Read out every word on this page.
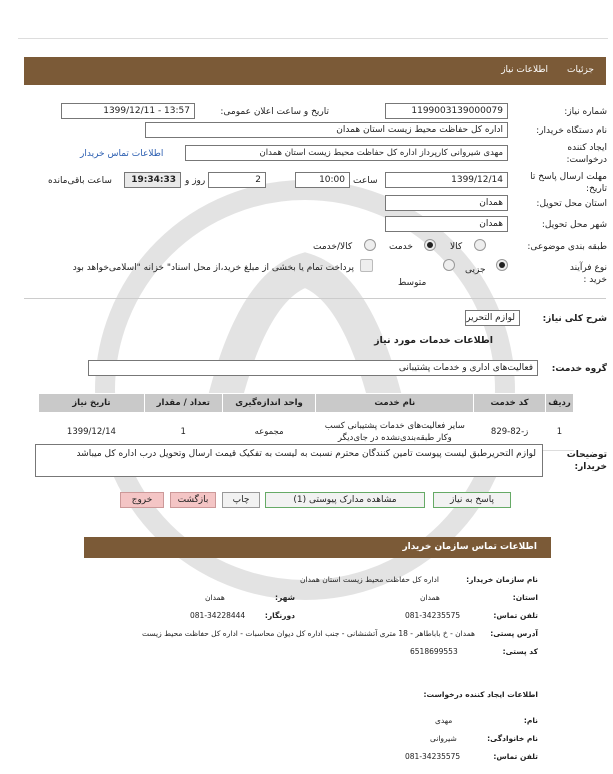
جزئیات
اطلاعات نیاز
شماره نیاز:
1199003139000079
تاریخ و ساعت اعلان عمومی:
1399/12/11 - 13:57
نام دستگاه خریدار:
اداره کل حفاظت محیط زیست استان همدان
ایجاد کننده درخواست:
مهدی شیروانی کارپرداز اداره کل حفاظت محیط زیست استان همدان
اطلاعات تماس خریدار
مهلت ارسال پاسخ تا تاریخ:
1399/12/14
ساعت
10:00
2
روز و
19:34:33
ساعت باقی‌مانده
استان محل تحویل:
همدان
شهر محل تحویل:
همدان
طبقه بندی موضوعی:
کالا
خدمت
کالا/خدمت
نوع فرآیند خرید :
جزیی
متوسط
پرداخت تمام یا بخشی از مبلغ خرید،از محل اسناد" خزانه "اسلامی‌خواهد بود
شرح کلی نیاز:
لوازم التحریر
اطلاعات خدمات مورد نیاز
گروه خدمت:
فعالیت‌های اداری و خدمات پشتیبانی
ردیف	کد خدمت	نام خدمت	واحد اندازه‌گیری	تعداد / مقدار	تاریخ نیاز
1	ز-82-829	سایر فعالیت‌های خدمات پشتیبانی کسب وکار طبقه‌بندی‌نشده در جای‌دیگر	مجموعه	1	1399/12/14
توضیحات خریدار:
لوازم التحریرطبق لیست پیوست تامین کنندگان محترم نسبت به لیست به تفکیک قیمت ارسال وتحویل درب اداره کل میباشد
پاسخ به نیاز
مشاهده مدارک پیوستی (1)
چاپ
بازگشت
خروج
اطلاعات تماس سازمان خریدار
نام سازمان خریدار:
اداره کل حفاظت محیط زیست استان همدان
استان:
همدان
شهر:
همدان
تلفن تماس:
081-34235575
دورنگار:
081-34228444
آدرس پستی:
همدان - خ باباطاهر - 18 متری آتشنشانی - جنب اداره کل دیوان محاسبات - اداره کل حفاظت محیط زیست
کد پستی:
6518699553
اطلاعات ایجاد کننده درخواست:
نام:
مهدی
نام خانوادگی:
شیروانی
تلفن تماس:
081-34235575
